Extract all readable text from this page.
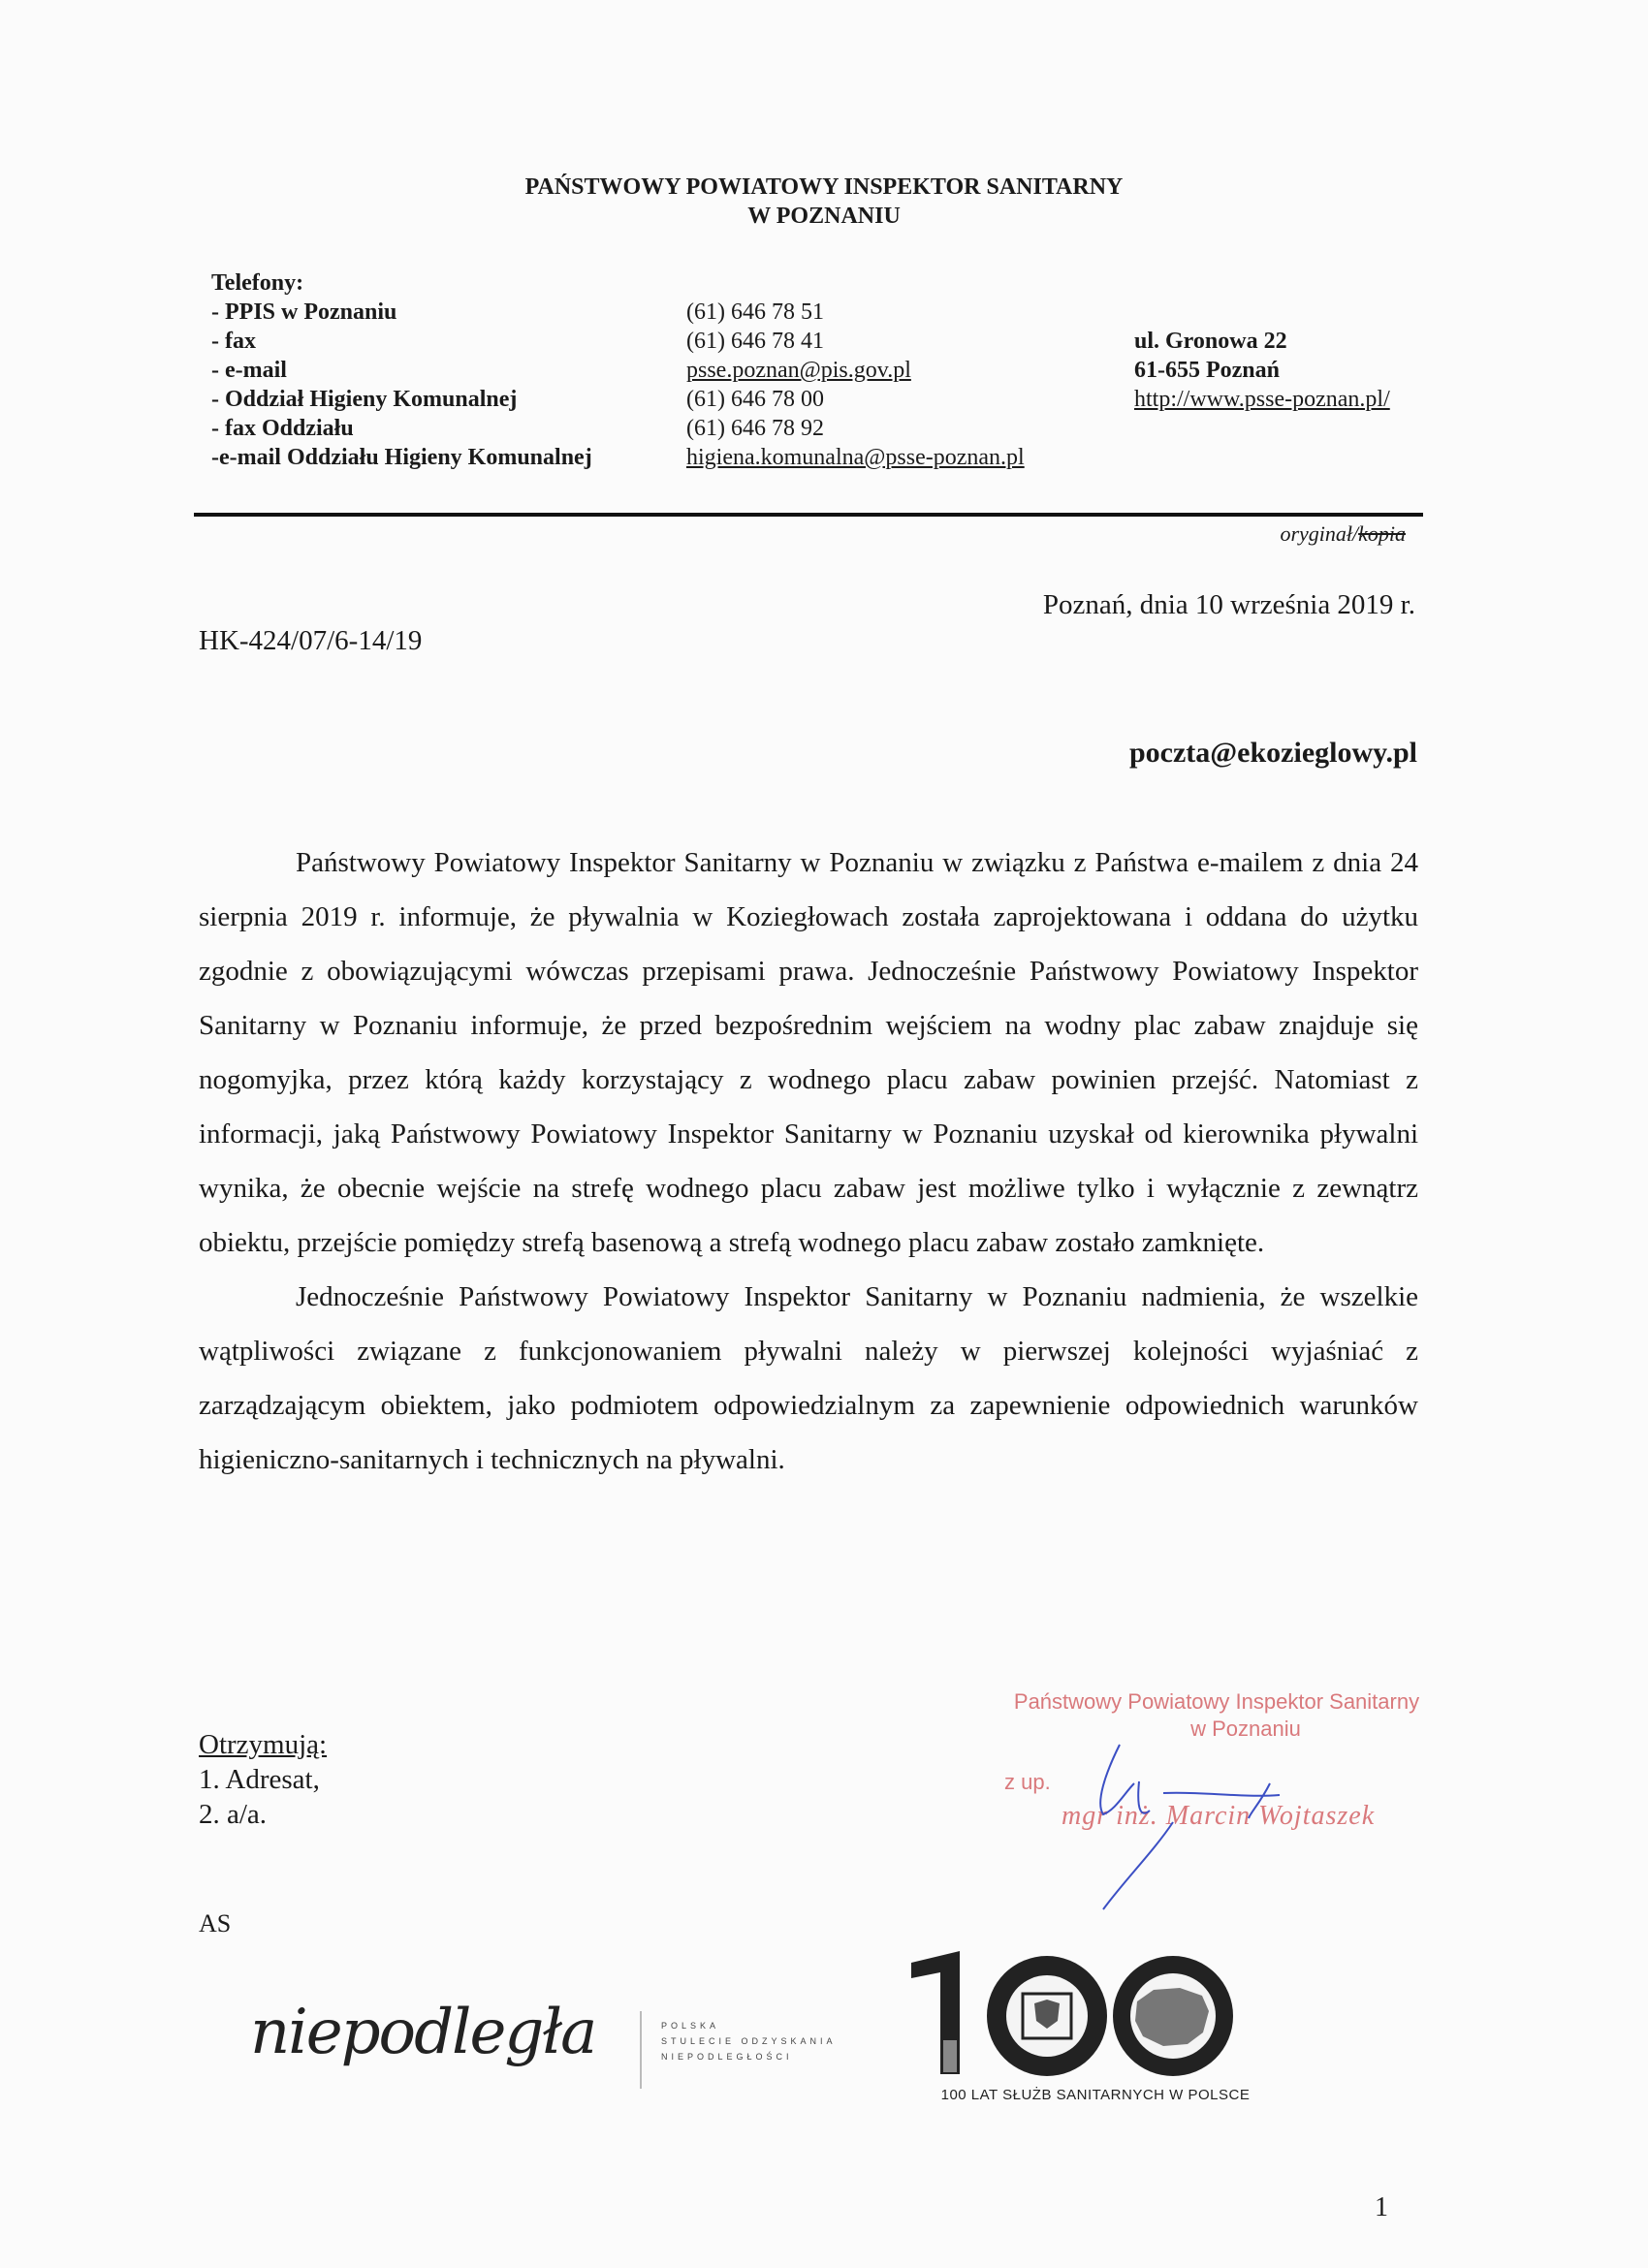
PAŃSTWOWY POWIATOWY INSPEKTOR SANITARNY
W POZNANIU
Telefony:
- PPIS w Poznaniu
- fax
- e-mail
- Oddział Higieny Komunalnej
- fax Oddziału
-e-mail Oddziału Higieny Komunalnej
(61) 646 78 51
(61) 646 78 41
psse.poznan@pis.gov.pl
(61) 646 78 00
(61) 646 78 92
higiena.komunalna@psse-poznan.pl
ul. Gronowa 22
61-655 Poznań
http://www.psse-poznan.pl/
oryginał/kopia
Poznań, dnia 10 września 2019 r.
HK-424/07/6-14/19
poczta@ekozieglowy.pl

Państwowy Powiatowy Inspektor Sanitarny w Poznaniu w związku z Państwa e-mailem z dnia 24 sierpnia 2019 r. informuje, że pływalnia w Koziegłowach została zaprojektowana i oddana do użytku zgodnie z obowiązującymi wówczas przepisami prawa. Jednocześnie Państwowy Powiatowy Inspektor Sanitarny w Poznaniu informuje, że przed bezpośrednim wejściem na wodny plac zabaw znajduje się nogomyjka, przez którą każdy korzystający z wodnego placu zabaw powinien przejść. Natomiast z informacji, jaką Państwowy Powiatowy Inspektor Sanitarny w Poznaniu uzyskał od kierownika pływalni wynika, że obecnie wejście na strefę wodnego placu zabaw jest możliwe tylko i wyłącznie z zewnątrz obiektu, przejście pomiędzy strefą basenową a strefą wodnego placu zabaw zostało zamknięte.

Jednocześnie Państwowy Powiatowy Inspektor Sanitarny w Poznaniu nadmienia, że wszelkie wątpliwości związane z funkcjonowaniem pływalni należy w pierwszej kolejności wyjaśniać z zarządzającym obiektem, jako podmiotem odpowiedzialnym za zapewnienie odpowiednich warunków higieniczno-sanitarnych i technicznych na pływalni.

Państwowy Powiatowy Inspektor Sanitarny
w Poznaniu
z up.
mgr inż. Marcin Wojtaszek
Otrzymują:
1. Adresat,
2. a/a.
AS
niepodległa	POLSKA
STULECIE ODZYSKANIA
NIEPODLEGŁOŚCI
100 LAT SŁUŻB SANITARNYCH W POLSCE
1
